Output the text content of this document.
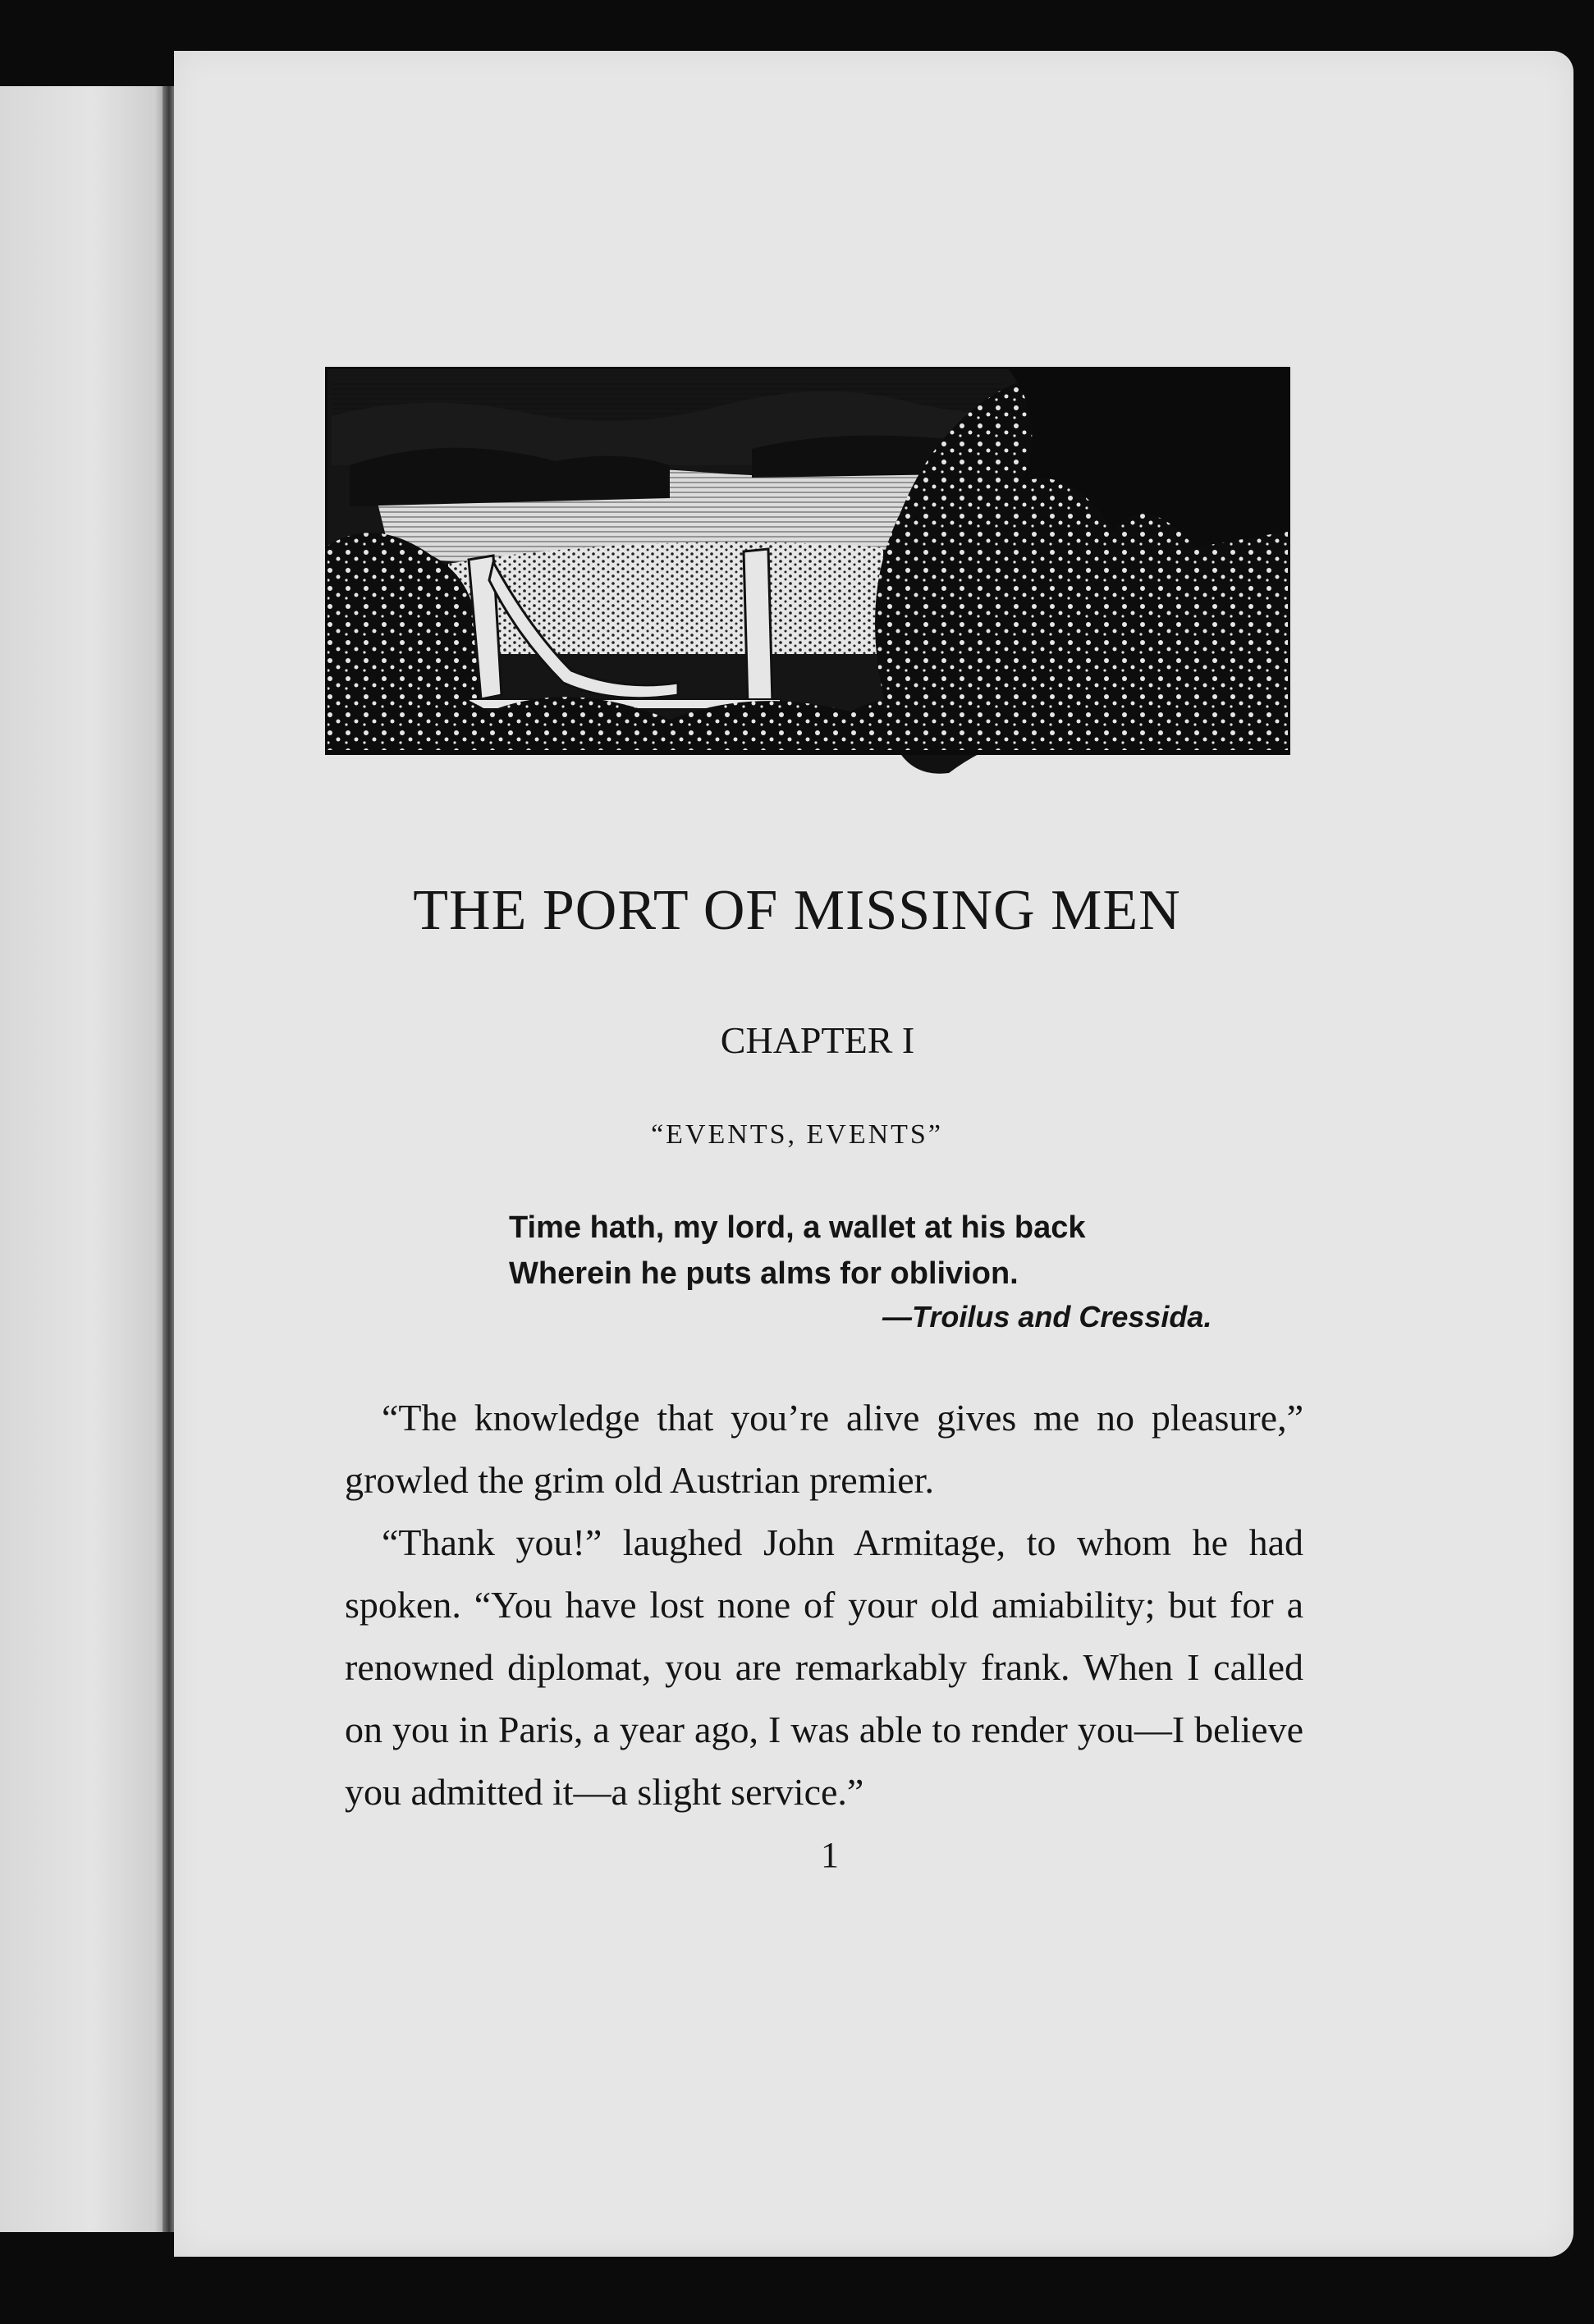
THE PORT OF MISSING MEN
CHAPTER I
“EVENTS, EVENTS”
Time hath, my lord, a wallet at his back
Wherein he puts alms for oblivion.
—Troilus and Cressida.

“The knowledge that you’re alive gives me no pleasure,” growled the grim old Austrian premier.

“Thank you!” laughed John Armitage, to whom he had spoken. “You have lost none of your old amiability; but for a renowned diplomat, you are remarkably frank. When I called on you in Paris, a year ago, I was able to render you—I believe you admitted it—a slight service.”

1
